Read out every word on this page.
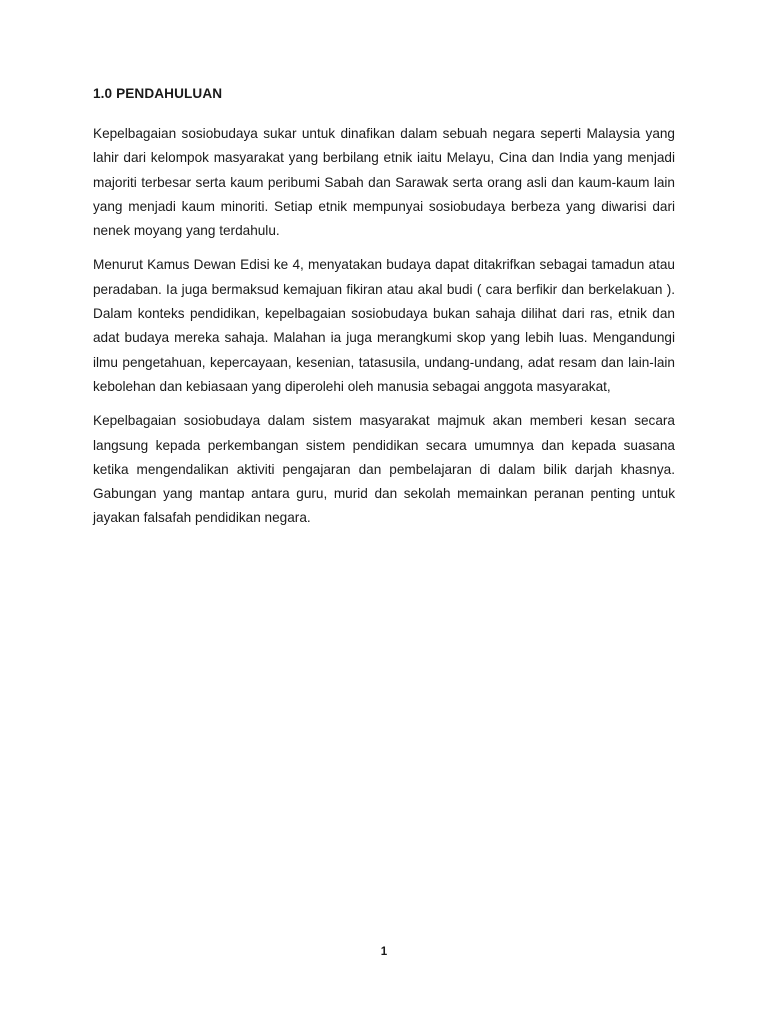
1.0 PENDAHULUAN

Kepelbagaian sosiobudaya sukar untuk dinafikan dalam sebuah negara seperti Malaysia yang lahir dari kelompok masyarakat yang berbilang etnik iaitu Melayu, Cina dan India yang menjadi majoriti terbesar serta kaum peribumi Sabah dan Sarawak serta orang asli dan kaum-kaum lain yang menjadi kaum minoriti. Setiap etnik mempunyai sosiobudaya berbeza yang diwarisi dari nenek moyang yang terdahulu.

Menurut Kamus Dewan Edisi ke 4, menyatakan budaya dapat ditakrifkan sebagai tamadun atau peradaban. Ia juga bermaksud kemajuan fikiran atau akal budi ( cara berfikir dan berkelakuan ). Dalam konteks pendidikan, kepelbagaian sosiobudaya bukan sahaja dilihat dari ras, etnik dan adat budaya mereka sahaja. Malahan ia juga merangkumi skop yang lebih luas. Mengandungi ilmu pengetahuan, kepercayaan, kesenian, tatasusila, undang-undang, adat resam dan lain-lain kebolehan dan kebiasaan yang diperolehi oleh manusia sebagai anggota masyarakat,

Kepelbagaian sosiobudaya dalam sistem masyarakat majmuk akan memberi kesan secara langsung kepada perkembangan sistem pendidikan secara umumnya dan kepada suasana ketika mengendalikan aktiviti pengajaran dan pembelajaran di dalam bilik darjah khasnya. Gabungan yang mantap antara guru, murid dan sekolah memainkan peranan penting untuk jayakan falsafah pendidikan negara.

1
